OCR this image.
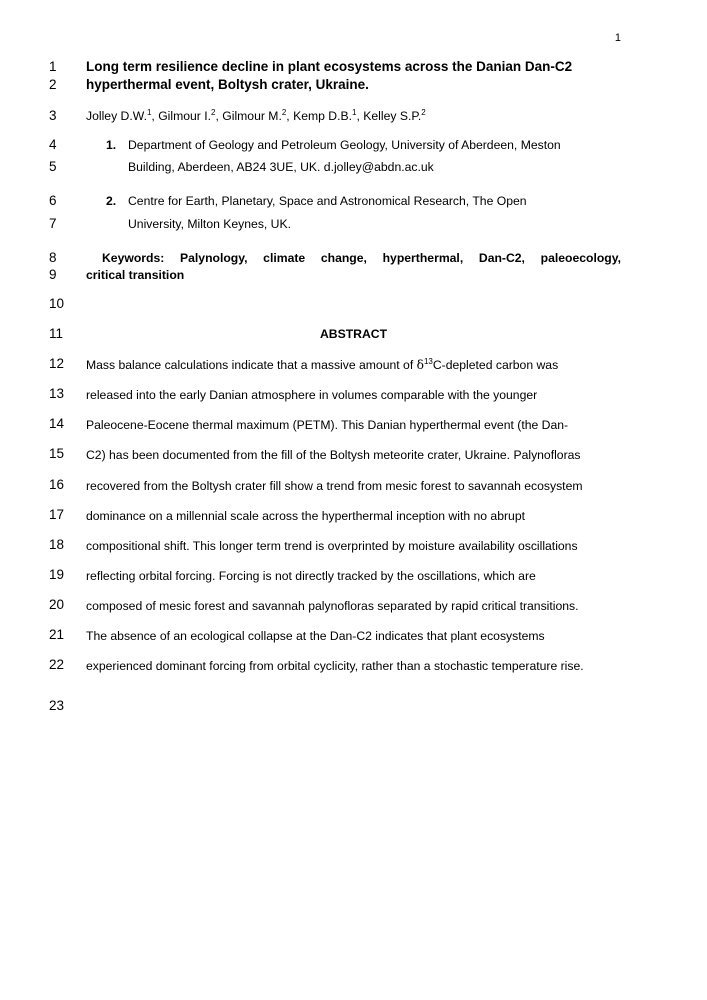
1
1
2
3
4
5
6
7
8
9
10
11
12
13
14
15
16
17
18
19
20
21
22
23
Long term resilience decline in plant ecosystems across the Danian Dan-C2
hyperthermal event, Boltysh crater, Ukraine.
Jolley D.W.$^1$, Gilmour I.$^2$, Gilmour M.$^2$, Kemp D.B.$^1$, Kelley S.P.$^2$
1. Department of Geology and Petroleum Geology, University of Aberdeen, Meston
Building, Aberdeen, AB24 3UE, UK. d.jolley@abdn.ac.uk
2. Centre for Earth, Planetary, Space and Astronomical Research, The Open
University, Milton Keynes, UK.
Keywords: Palynology, climate change, hyperthermal, Dan-C2, paleoecology,
critical transition
ABSTRACT
Mass balance calculations indicate that a massive amount of $\delta^{13}C$-depleted carbon was
released into the early Danian atmosphere in volumes comparable with the younger
Paleocene-Eocene thermal maximum (PETM). This Danian hyperthermal event (the Dan-
C2) has been documented from the fill of the Boltysh meteorite crater, Ukraine. Palynofloras
recovered from the Boltysh crater fill show a trend from mesic forest to savannah ecosystem
dominance on a millennial scale across the hyperthermal inception with no abrupt
compositional shift. This longer term trend is overprinted by moisture availability oscillations
reflecting orbital forcing. Forcing is not directly tracked by the oscillations, which are
composed of mesic forest and savannah palynofloras separated by rapid critical transitions.
The absence of an ecological collapse at the Dan-C2 indicates that plant ecosystems
experienced dominant forcing from orbital cyclicity, rather than a stochastic temperature rise.
